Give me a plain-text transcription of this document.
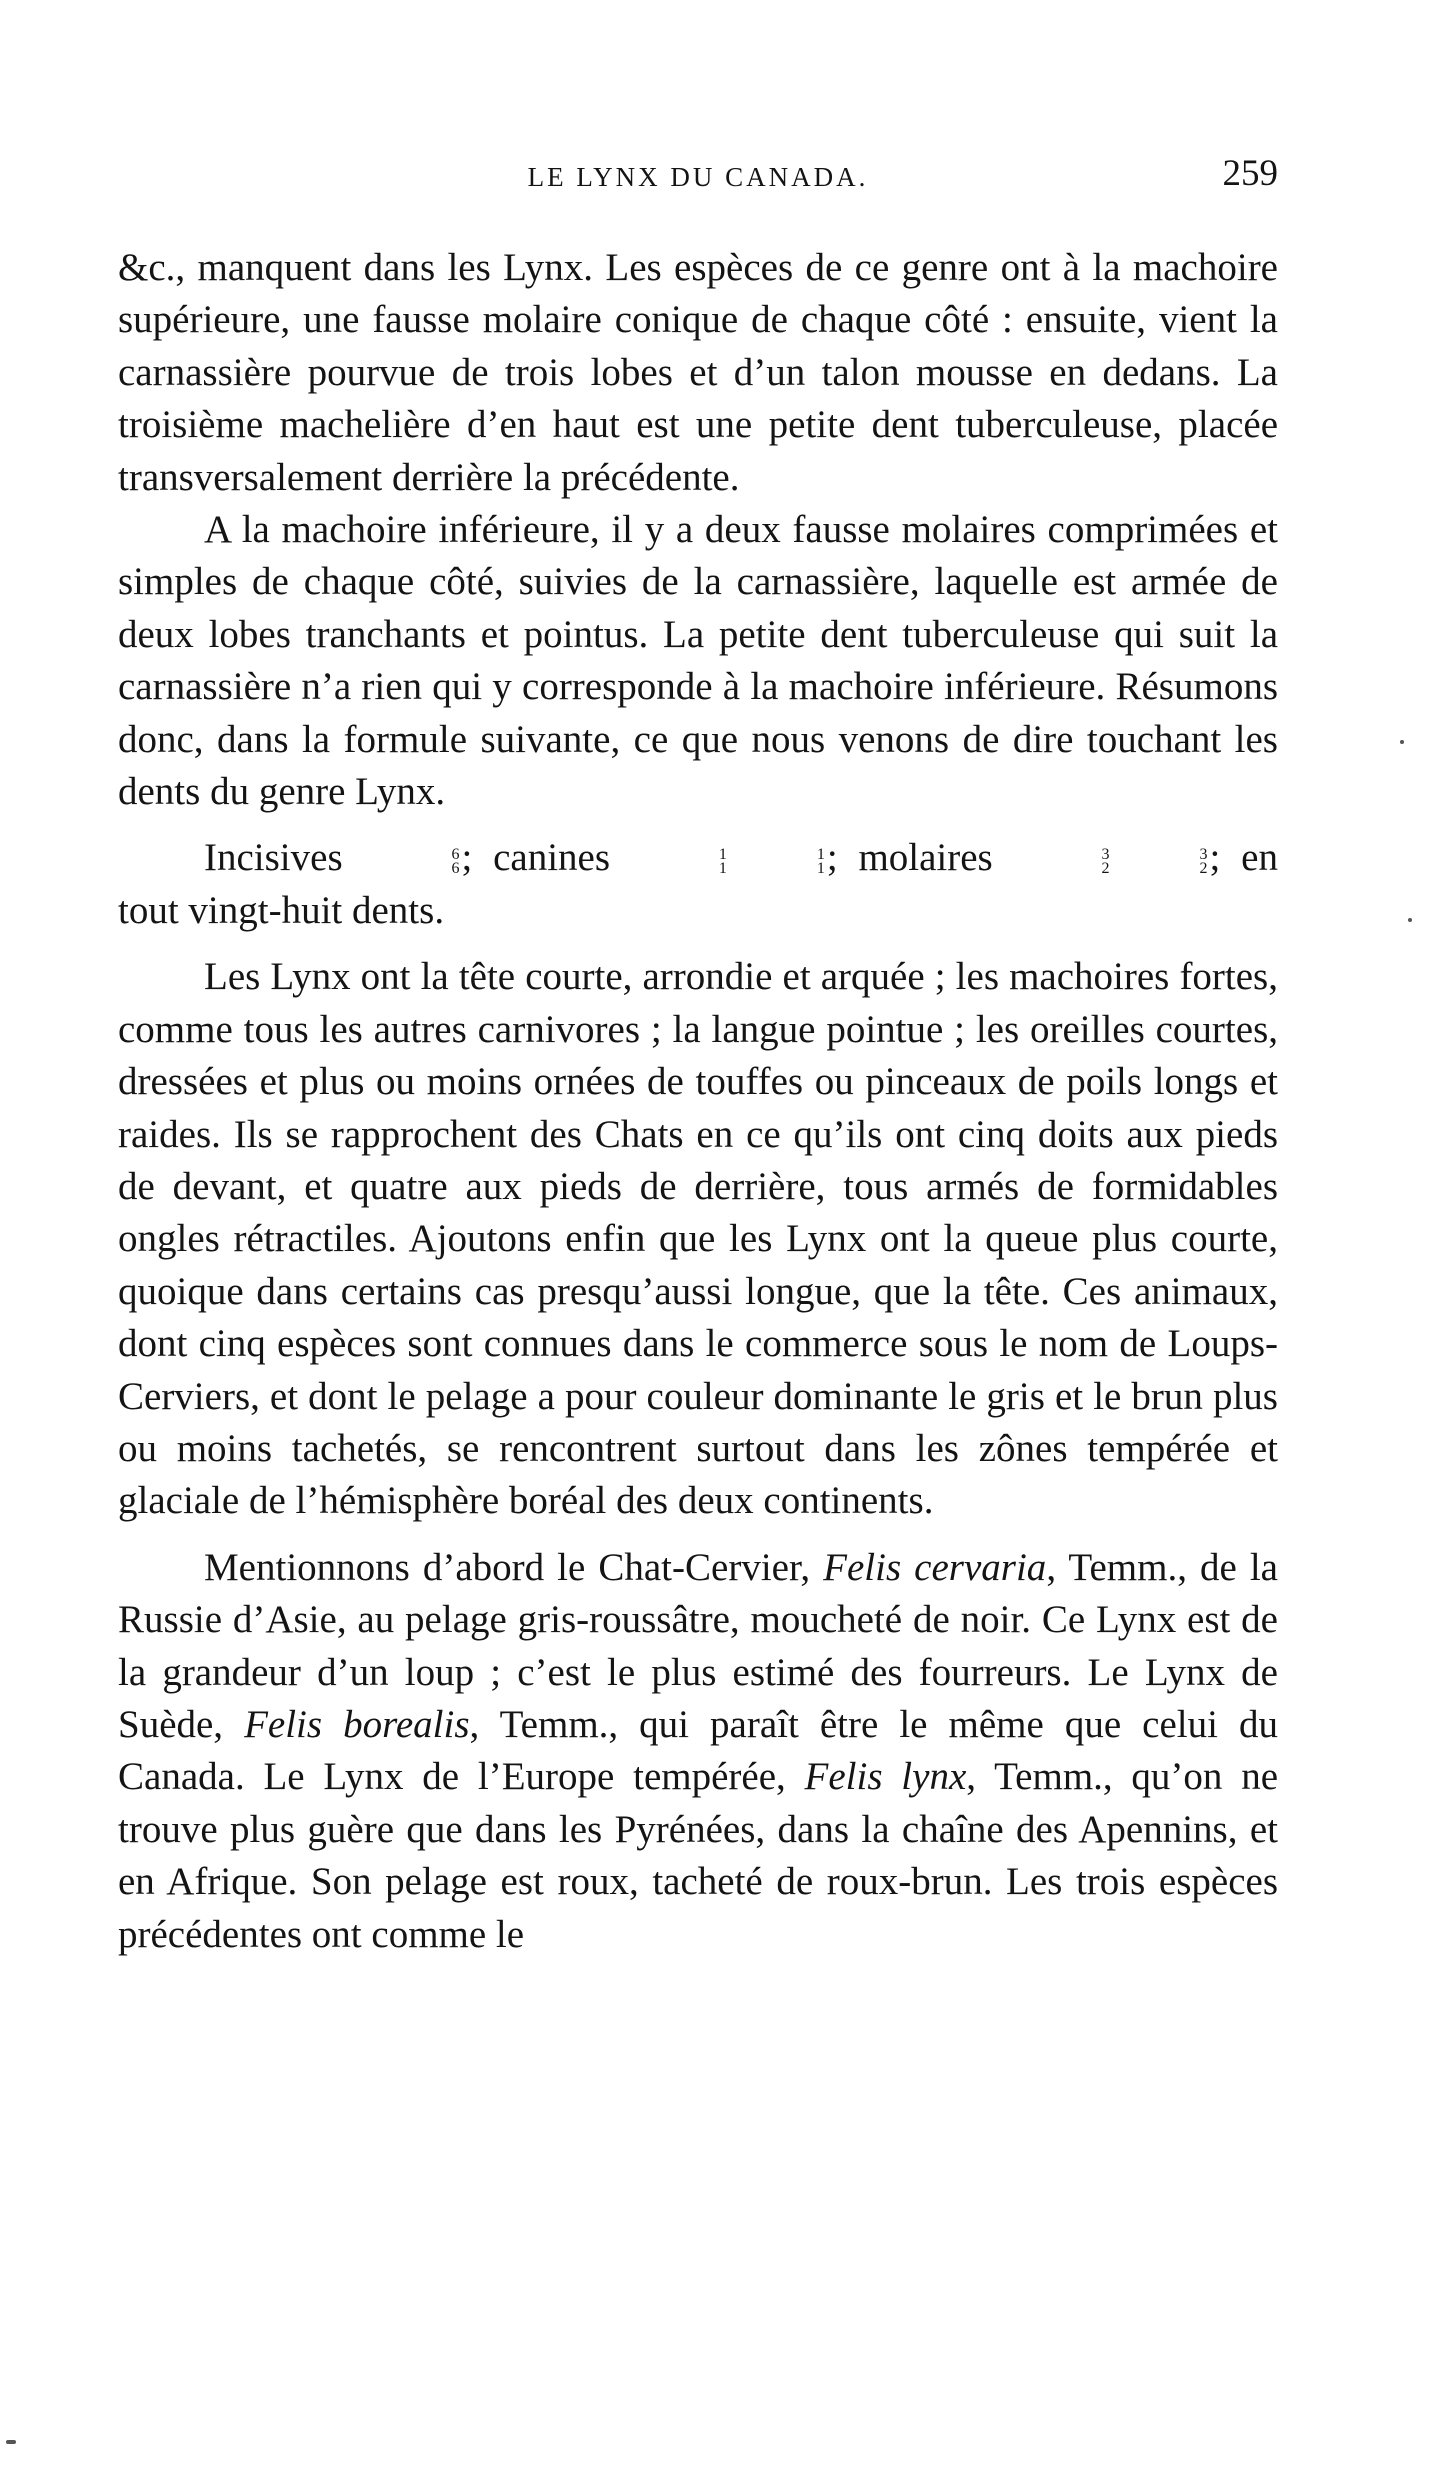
LE LYNX DU CANADA.	259

&c., manquent dans les Lynx. Les espèces de ce genre ont à la machoire supérieure, une fausse molaire conique de chaque côté : ensuite, vient la carnassière pourvue de trois lobes et d’un talon mousse en dedans. La troisième machelière d’en haut est une petite dent tuberculeuse, placée transversalement derrière la précédente.

A la machoire inférieure, il y a deux fausse molaires comprimées et simples de chaque côté, suivies de la carnassière, laquelle est armée de deux lobes tranchants et pointus. La petite dent tuberculeuse qui suit la carnassière n’a rien qui y corresponde à la machoire inférieure. Résumons donc, dans la formule suivante, ce que nous venons de dire touchant les dents du genre Lynx.

Incisives	6
6 ; canines	1
1
1
1 ; molaires	3
2
3
2 ; en tout vingt-huit dents.

Les Lynx ont la tête courte, arrondie et arquée ; les machoires fortes, comme tous les autres carnivores ; la langue pointue ; les oreilles courtes, dressées et plus ou moins ornées de touffes ou pinceaux de poils longs et raides. Ils se rapprochent des Chats en ce qu’ils ont cinq doits aux pieds de devant, et quatre aux pieds de derrière, tous armés de formidables ongles rétractiles. Ajoutons enfin que les Lynx ont la queue plus courte, quoique dans certains cas presqu’aussi longue, que la tête. Ces animaux, dont cinq espèces sont connues dans le commerce sous le nom de Loups-Cerviers, et dont le pelage a pour couleur dominante le gris et le brun plus ou moins tachetés, se rencontrent surtout dans les zônes tempérée et glaciale de l’hémisphère boréal des deux continents.

Mentionnons d’abord le Chat-Cervier, Felis cervaria, Temm., de la Russie d’Asie, au pelage gris-roussâtre, moucheté de noir. Ce Lynx est de la grandeur d’un loup ; c’est le plus estimé des fourreurs. Le Lynx de Suède, Felis borealis, Temm., qui paraît être le même que celui du Canada. Le Lynx de l’Europe tempérée, Felis lynx, Temm., qu’on ne trouve plus guère que dans les Pyrénées, dans la chaîne des Apennins, et en Afrique. Son pelage est roux, tacheté de roux-brun. Les trois espèces précédentes ont comme le
